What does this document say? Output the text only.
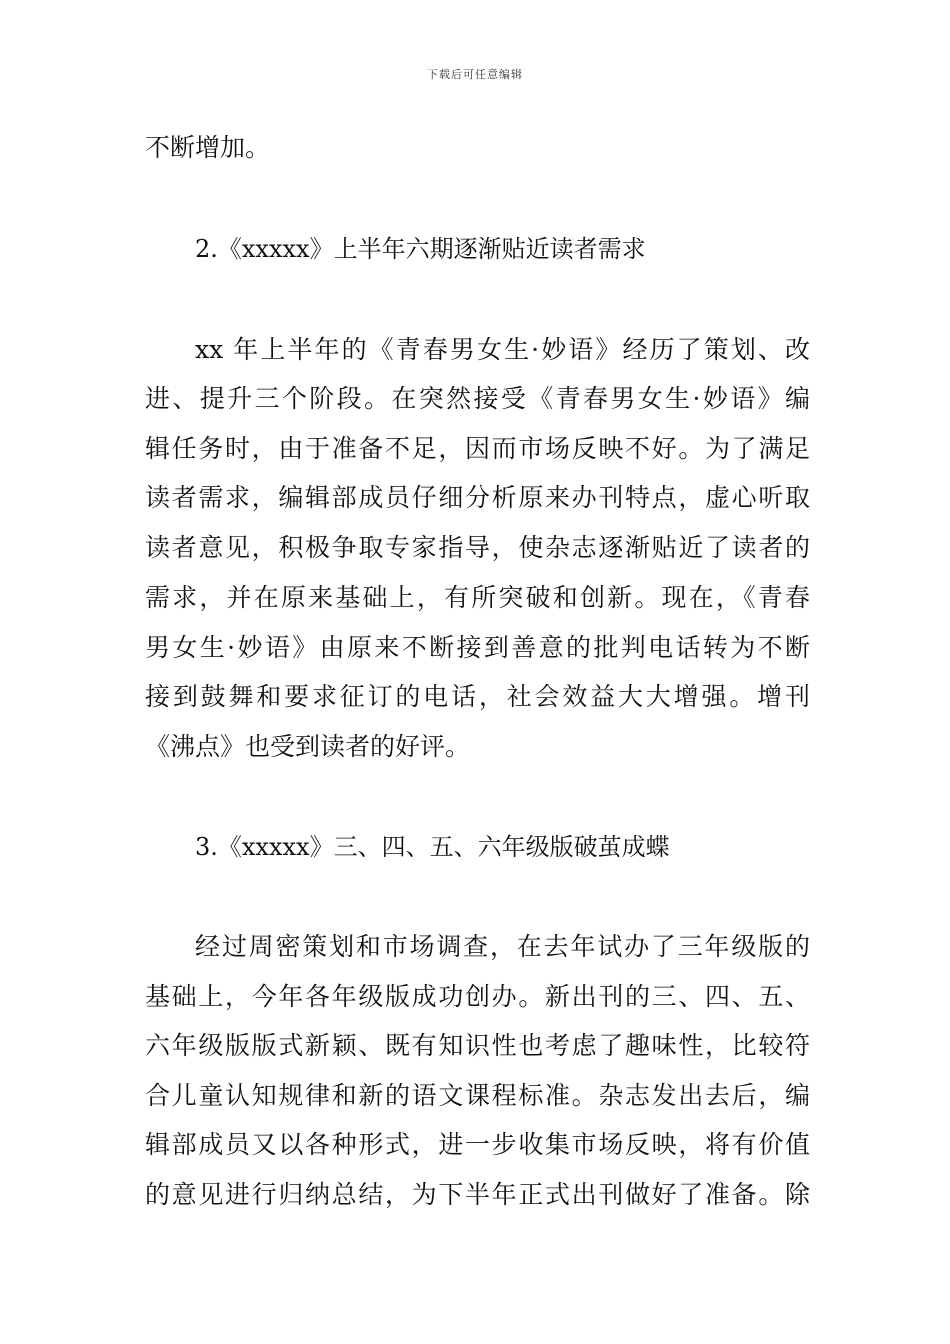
下载后可任意编辑
不断增加。
2.《xxxxx》上半年六期逐渐贴近读者需求
xx 年上半年的《青春男女生·妙语》经历了策划、改
进、提升三个阶段。在突然接受《青春男女生·妙语》编
辑任务时，由于准备不足，因而市场反映不好。为了满足
读者需求，编辑部成员仔细分析原来办刊特点，虚心听取
读者意见，积极争取专家指导，使杂志逐渐贴近了读者的
需求，并在原来基础上，有所突破和创新。现在，《青春
男女生·妙语》由原来不断接到善意的批判电话转为不断
接到鼓舞和要求征订的电话，社会效益大大增强。增刊
《沸点》也受到读者的好评。
3.《xxxxx》三、四、五、六年级版破茧成蝶
经过周密策划和市场调查，在去年试办了三年级版的
基础上，今年各年级版成功创办。新出刊的三、四、五、
六年级版版式新颖、既有知识性也考虑了趣味性，比较符
合儿童认知规律和新的语文课程标准。杂志发出去后，编
辑部成员又以各种形式，进一步收集市场反映，将有价值
的意见进行归纳总结，为下半年正式出刊做好了准备。除
